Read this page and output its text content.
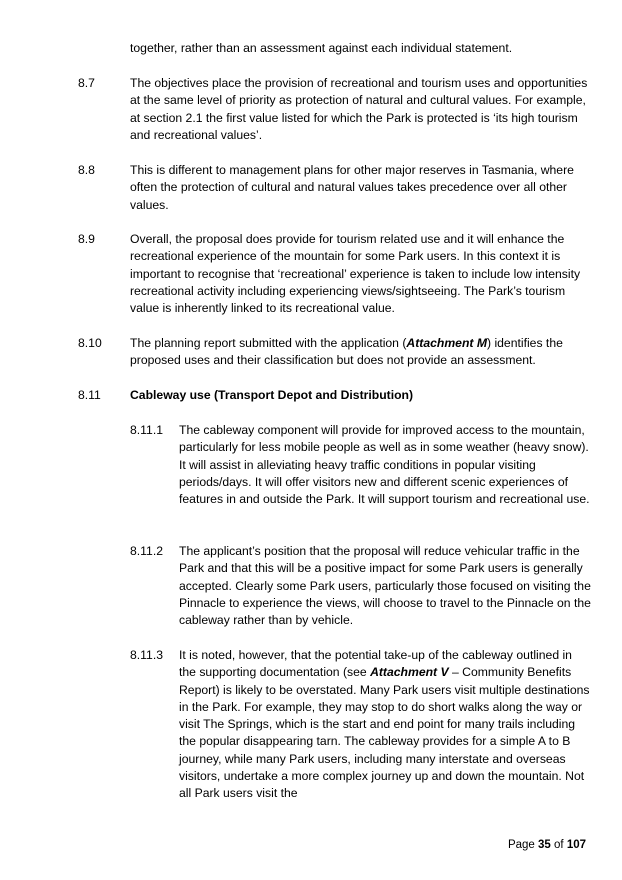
together, rather than an assessment against each individual statement.

8.7	The objectives place the provision of recreational and tourism uses and opportunities at the same level of priority as protection of natural and cultural values. For example, at section 2.1 the first value listed for which the Park is protected is ‘its high tourism and recreational values’.

8.8	This is different to management plans for other major reserves in Tasmania, where often the protection of cultural and natural values takes precedence over all other values.

8.9	Overall, the proposal does provide for tourism related use and it will enhance the recreational experience of the mountain for some Park users. In this context it is important to recognise that ‘recreational’ experience is taken to include low intensity recreational activity including experiencing views/sightseeing. The Park’s tourism value is inherently linked to its recreational value.

8.10 The planning report submitted with the application (Attachment M) identifies the proposed uses and their classification but does not provide an assessment.

8.11 Cableway use (Transport Depot and Distribution)

8.11.1 The cableway component will provide for improved access to the mountain, particularly for less mobile people as well as in some weather (heavy snow). It will assist in alleviating heavy traffic conditions in popular visiting periods/days. It will offer visitors new and different scenic experiences of features in and outside the Park. It will support tourism and recreational use.

8.11.2 The applicant’s position that the proposal will reduce vehicular traffic in the Park and that this will be a positive impact for some Park users is generally accepted. Clearly some Park users, particularly those focused on visiting the Pinnacle to experience the views, will choose to travel to the Pinnacle on the cableway rather than by vehicle.

8.11.3 It is noted, however, that the potential take-up of the cableway outlined in the supporting documentation (see Attachment V – Community Benefits Report) is likely to be overstated. Many Park users visit multiple destinations in the Park. For example, they may stop to do short walks along the way or visit The Springs, which is the start and end point for many trails including the popular disappearing tarn. The cableway provides for a simple A to B journey, while many Park users, including many interstate and overseas visitors, undertake a more complex journey up and down the mountain. Not all Park users visit the

Page 35 of 107
